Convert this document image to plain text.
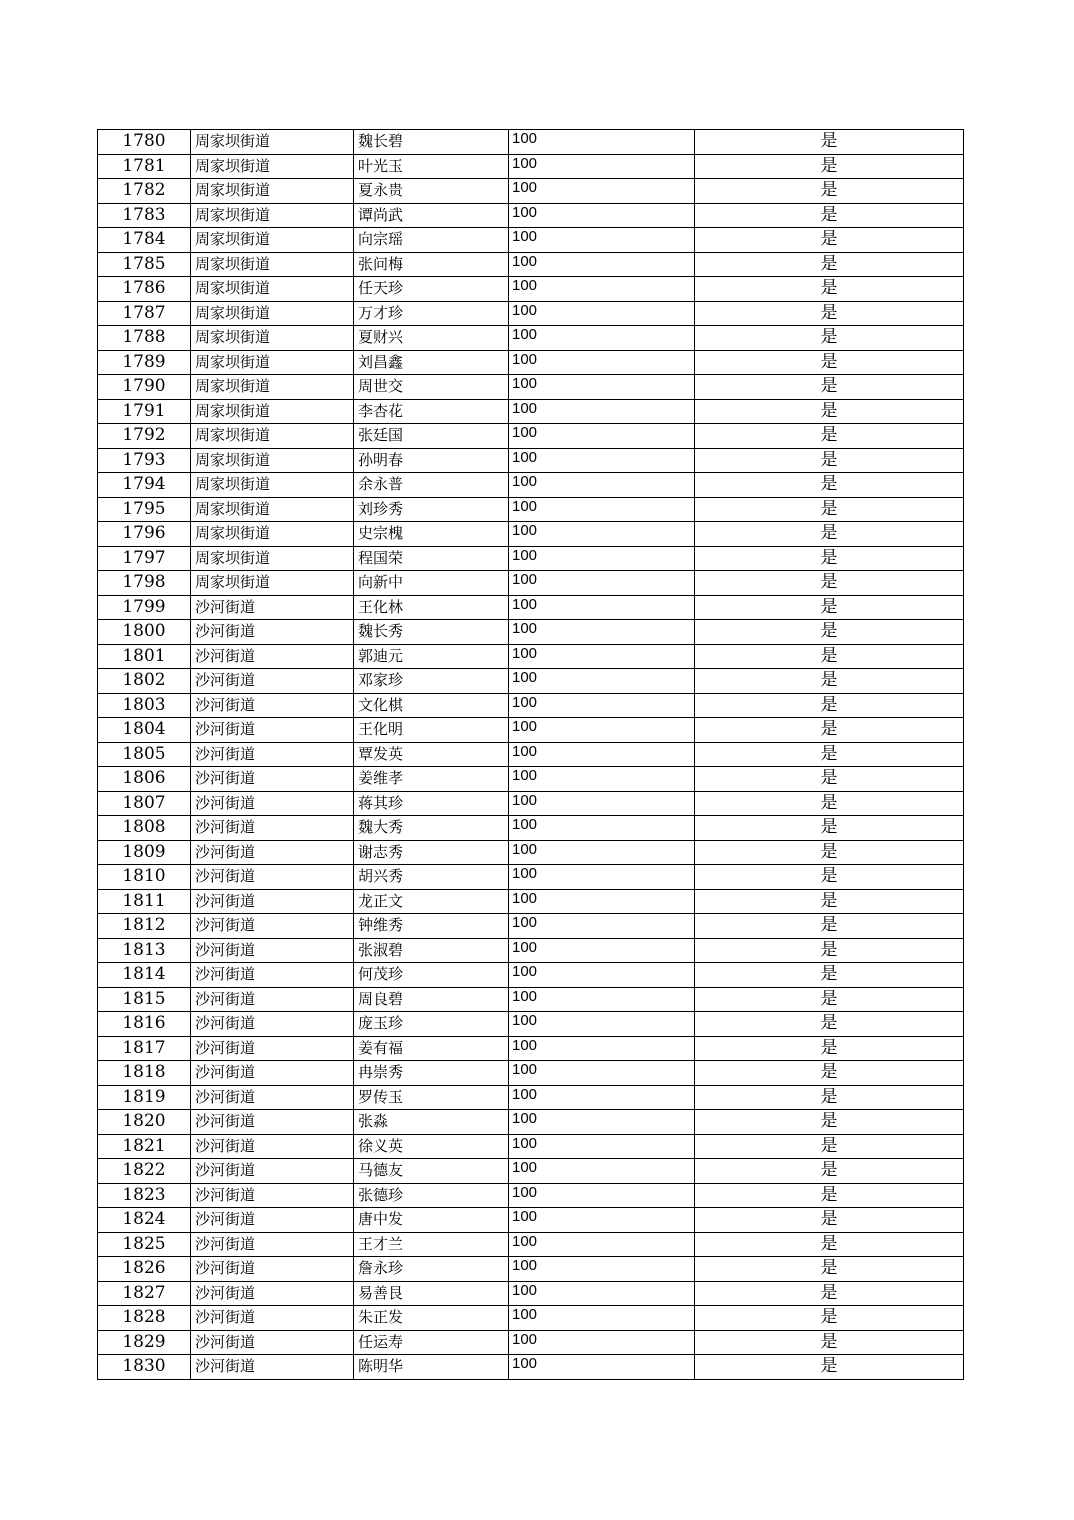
1780	周家坝街道	魏长碧	100	是
1781	周家坝街道	叶光玉	100	是
1782	周家坝街道	夏永贵	100	是
1783	周家坝街道	谭尚武	100	是
1784	周家坝街道	向宗瑶	100	是
1785	周家坝街道	张问梅	100	是
1786	周家坝街道	任天珍	100	是
1787	周家坝街道	万才珍	100	是
1788	周家坝街道	夏财兴	100	是
1789	周家坝街道	刘昌鑫	100	是
1790	周家坝街道	周世交	100	是
1791	周家坝街道	李杏花	100	是
1792	周家坝街道	张廷国	100	是
1793	周家坝街道	孙明春	100	是
1794	周家坝街道	余永普	100	是
1795	周家坝街道	刘珍秀	100	是
1796	周家坝街道	史宗槐	100	是
1797	周家坝街道	程国荣	100	是
1798	周家坝街道	向新中	100	是
1799	沙河街道	王化林	100	是
1800	沙河街道	魏长秀	100	是
1801	沙河街道	郭迪元	100	是
1802	沙河街道	邓家珍	100	是
1803	沙河街道	文化棋	100	是
1804	沙河街道	王化明	100	是
1805	沙河街道	覃发英	100	是
1806	沙河街道	姜维孝	100	是
1807	沙河街道	蒋其珍	100	是
1808	沙河街道	魏大秀	100	是
1809	沙河街道	谢志秀	100	是
1810	沙河街道	胡兴秀	100	是
1811	沙河街道	龙正文	100	是
1812	沙河街道	钟维秀	100	是
1813	沙河街道	张淑碧	100	是
1814	沙河街道	何茂珍	100	是
1815	沙河街道	周良碧	100	是
1816	沙河街道	庞玉珍	100	是
1817	沙河街道	姜有福	100	是
1818	沙河街道	冉崇秀	100	是
1819	沙河街道	罗传玉	100	是
1820	沙河街道	张淼	100	是
1821	沙河街道	徐义英	100	是
1822	沙河街道	马德友	100	是
1823	沙河街道	张德珍	100	是
1824	沙河街道	唐中发	100	是
1825	沙河街道	王才兰	100	是
1826	沙河街道	詹永珍	100	是
1827	沙河街道	易善艮	100	是
1828	沙河街道	朱正发	100	是
1829	沙河街道	任运寿	100	是
1830	沙河街道	陈明华	100	是
